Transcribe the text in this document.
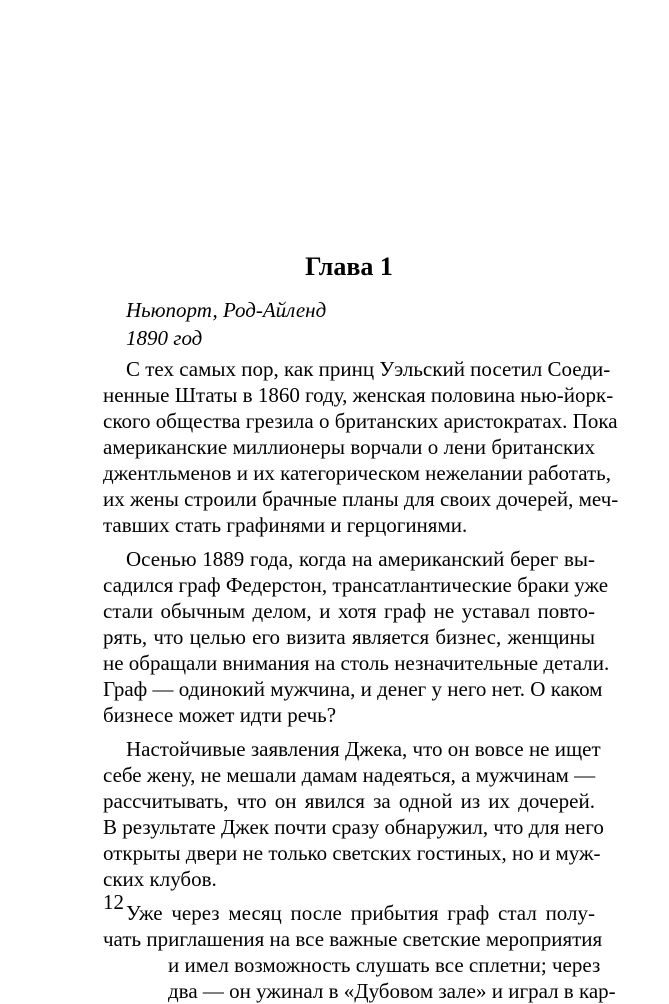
Глава 1
Ньюпорт, Род-Айленд
1890 год
С тех самых пор, как принц Уэльский посетил Соеди-
ненные Штаты в 1860 году, женская половина нью-йорк-
ского общества грезила о британских аристократах. Пока
американские миллионеры ворчали о лени британских
джентльменов и их категорическом нежелании работать,
их жены строили брачные планы для своих дочерей, меч-
тавших стать графинями и герцогинями.
Осенью 1889 года, когда на американский берег вы-
садился граф Федерстон, трансатлантические браки уже
стали обычным делом, и хотя граф не уставал повто-
рять, что целью его визита является бизнес, женщины
не обращали внимания на столь незначительные детали.
Граф — одинокий мужчина, и денег у него нет. О каком
бизнесе может идти речь?
Настойчивые заявления Джека, что он вовсе не ищет
себе жену, не мешали дамам надеяться, а мужчинам —
рассчитывать, что он явился за одной из их дочерей.
В результате Джек почти сразу обнаружил, что для него
открыты двери не только светских гостиных, но и муж-
ских клубов.
Уже через месяц после прибытия граф стал полу-
чать приглашения на все важные светские мероприятия
и имел возможность слушать все сплетни; через
два — он ужинал в «Дубовом зале» и играл в кар-
12
